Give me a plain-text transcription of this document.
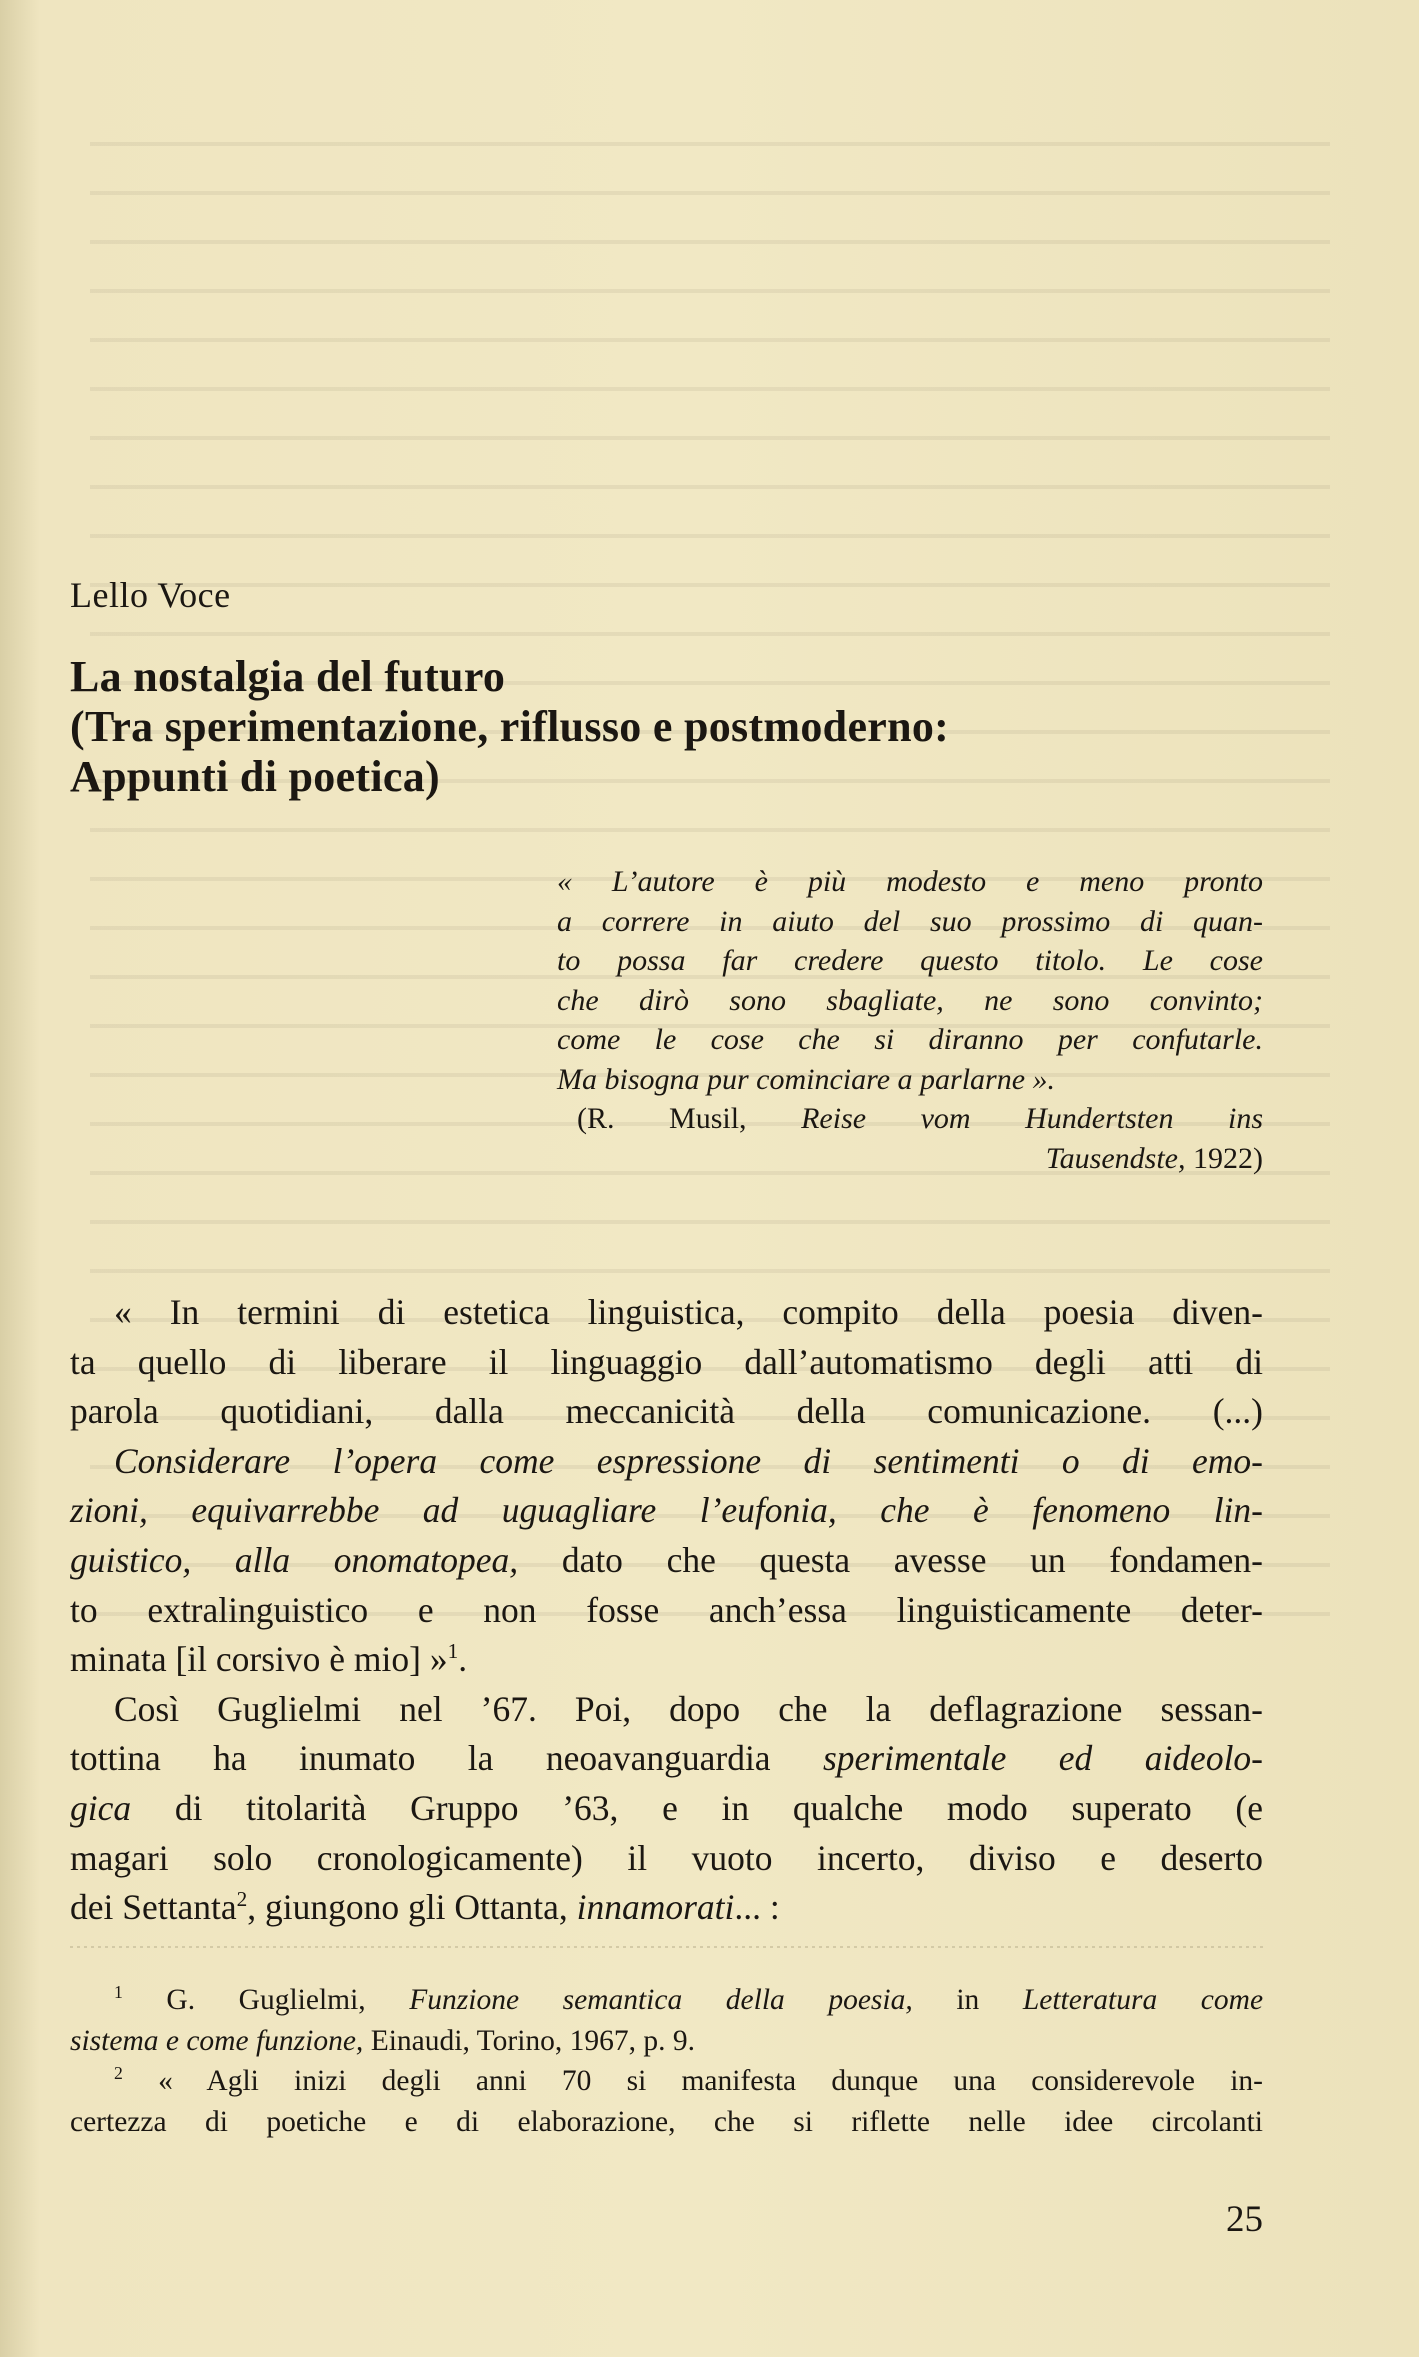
Lello Voce
La nostalgia del futuro
(Tra sperimentazione, riflusso e postmoderno:
Appunti di poetica)
« L’autore è più modesto e meno pronto
a correre in aiuto del suo prossimo di quan-
to possa far credere questo titolo. Le cose
che dirò sono sbagliate, ne sono convinto;
come le cose che si diranno per confutarle.
Ma bisogna pur cominciare a parlarne ».
(R. Musil, Reise vom Hundertsten ins
Tausendste, 1922)
« In termini di estetica linguistica, compito della poesia diven-
ta quello di liberare il linguaggio dall’automatismo degli atti di
parola quotidiani, dalla meccanicità della comunicazione. (...)
Considerare l’opera come espressione di sentimenti o di emo-
zioni, equivarrebbe ad uguagliare l’eufonia, che è fenomeno lin-
guistico, alla onomatopea, dato che questa avesse un fondamen-
to extralinguistico e non fosse anch’essa linguisticamente deter-
minata [il corsivo è mio] »$^1$.
Così Guglielmi nel ’67. Poi, dopo che la deflagrazione sessan-
tottina ha inumato la neoavanguardia sperimentale ed aideolo-
gica di titolarità Gruppo ’63, e in qualche modo superato (e
magari solo cronologicamente) il vuoto incerto, diviso e deserto
dei Settanta$^2$, giungono gli Ottanta, innamorati... :
$^1$ G. Guglielmi, Funzione semantica della poesia, in Letteratura come
sistema e come funzione, Einaudi, Torino, 1967, p. 9.
$^2$ « Agli inizi degli anni 70 si manifesta dunque una considerevole in-
certezza di poetiche e di elaborazione, che si riflette nelle idee circolanti
25
